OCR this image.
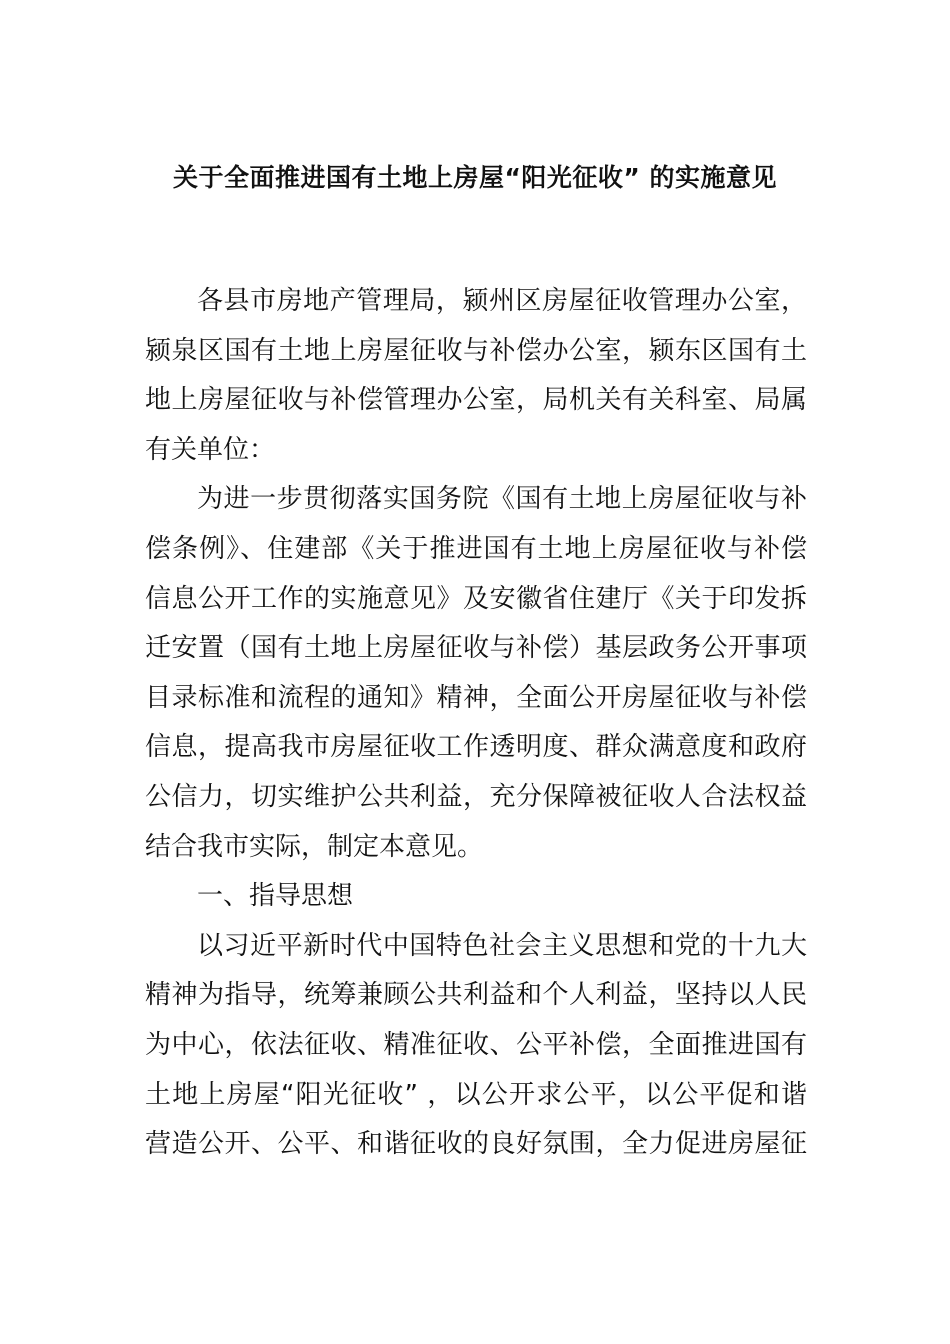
关于全面推进国有土地上房屋“阳光征收” 的实施意见
各县市房地产管理局，颍州区房屋征收管理办公室，
颍泉区国有土地上房屋征收与补偿办公室，颍东区国有土
地上房屋征收与补偿管理办公室，局机关有关科室、局属
有关单位：
为进一步贯彻落实国务院《国有土地上房屋征收与补
偿条例》、住建部《关于推进国有土地上房屋征收与补偿
信息公开工作的实施意见》及安徽省住建厅《关于印发拆
迁安置（国有土地上房屋征收与补偿）基层政务公开事项
目录标准和流程的通知》精神，全面公开房屋征收与补偿
信息，提高我市房屋征收工作透明度、群众满意度和政府
公信力，切实维护公共利益，充分保障被征收人合法权益
结合我市实际，制定本意见。
一、指导思想
以习近平新时代中国特色社会主义思想和党的十九大
精神为指导，统筹兼顾公共利益和个人利益，坚持以人民
为中心，依法征收、精准征收、公平补偿，全面推进国有
土地上房屋“阳光征收” ，以公开求公平，以公平促和谐
营造公开、公平、和谐征收的良好氛围，全力促进房屋征
